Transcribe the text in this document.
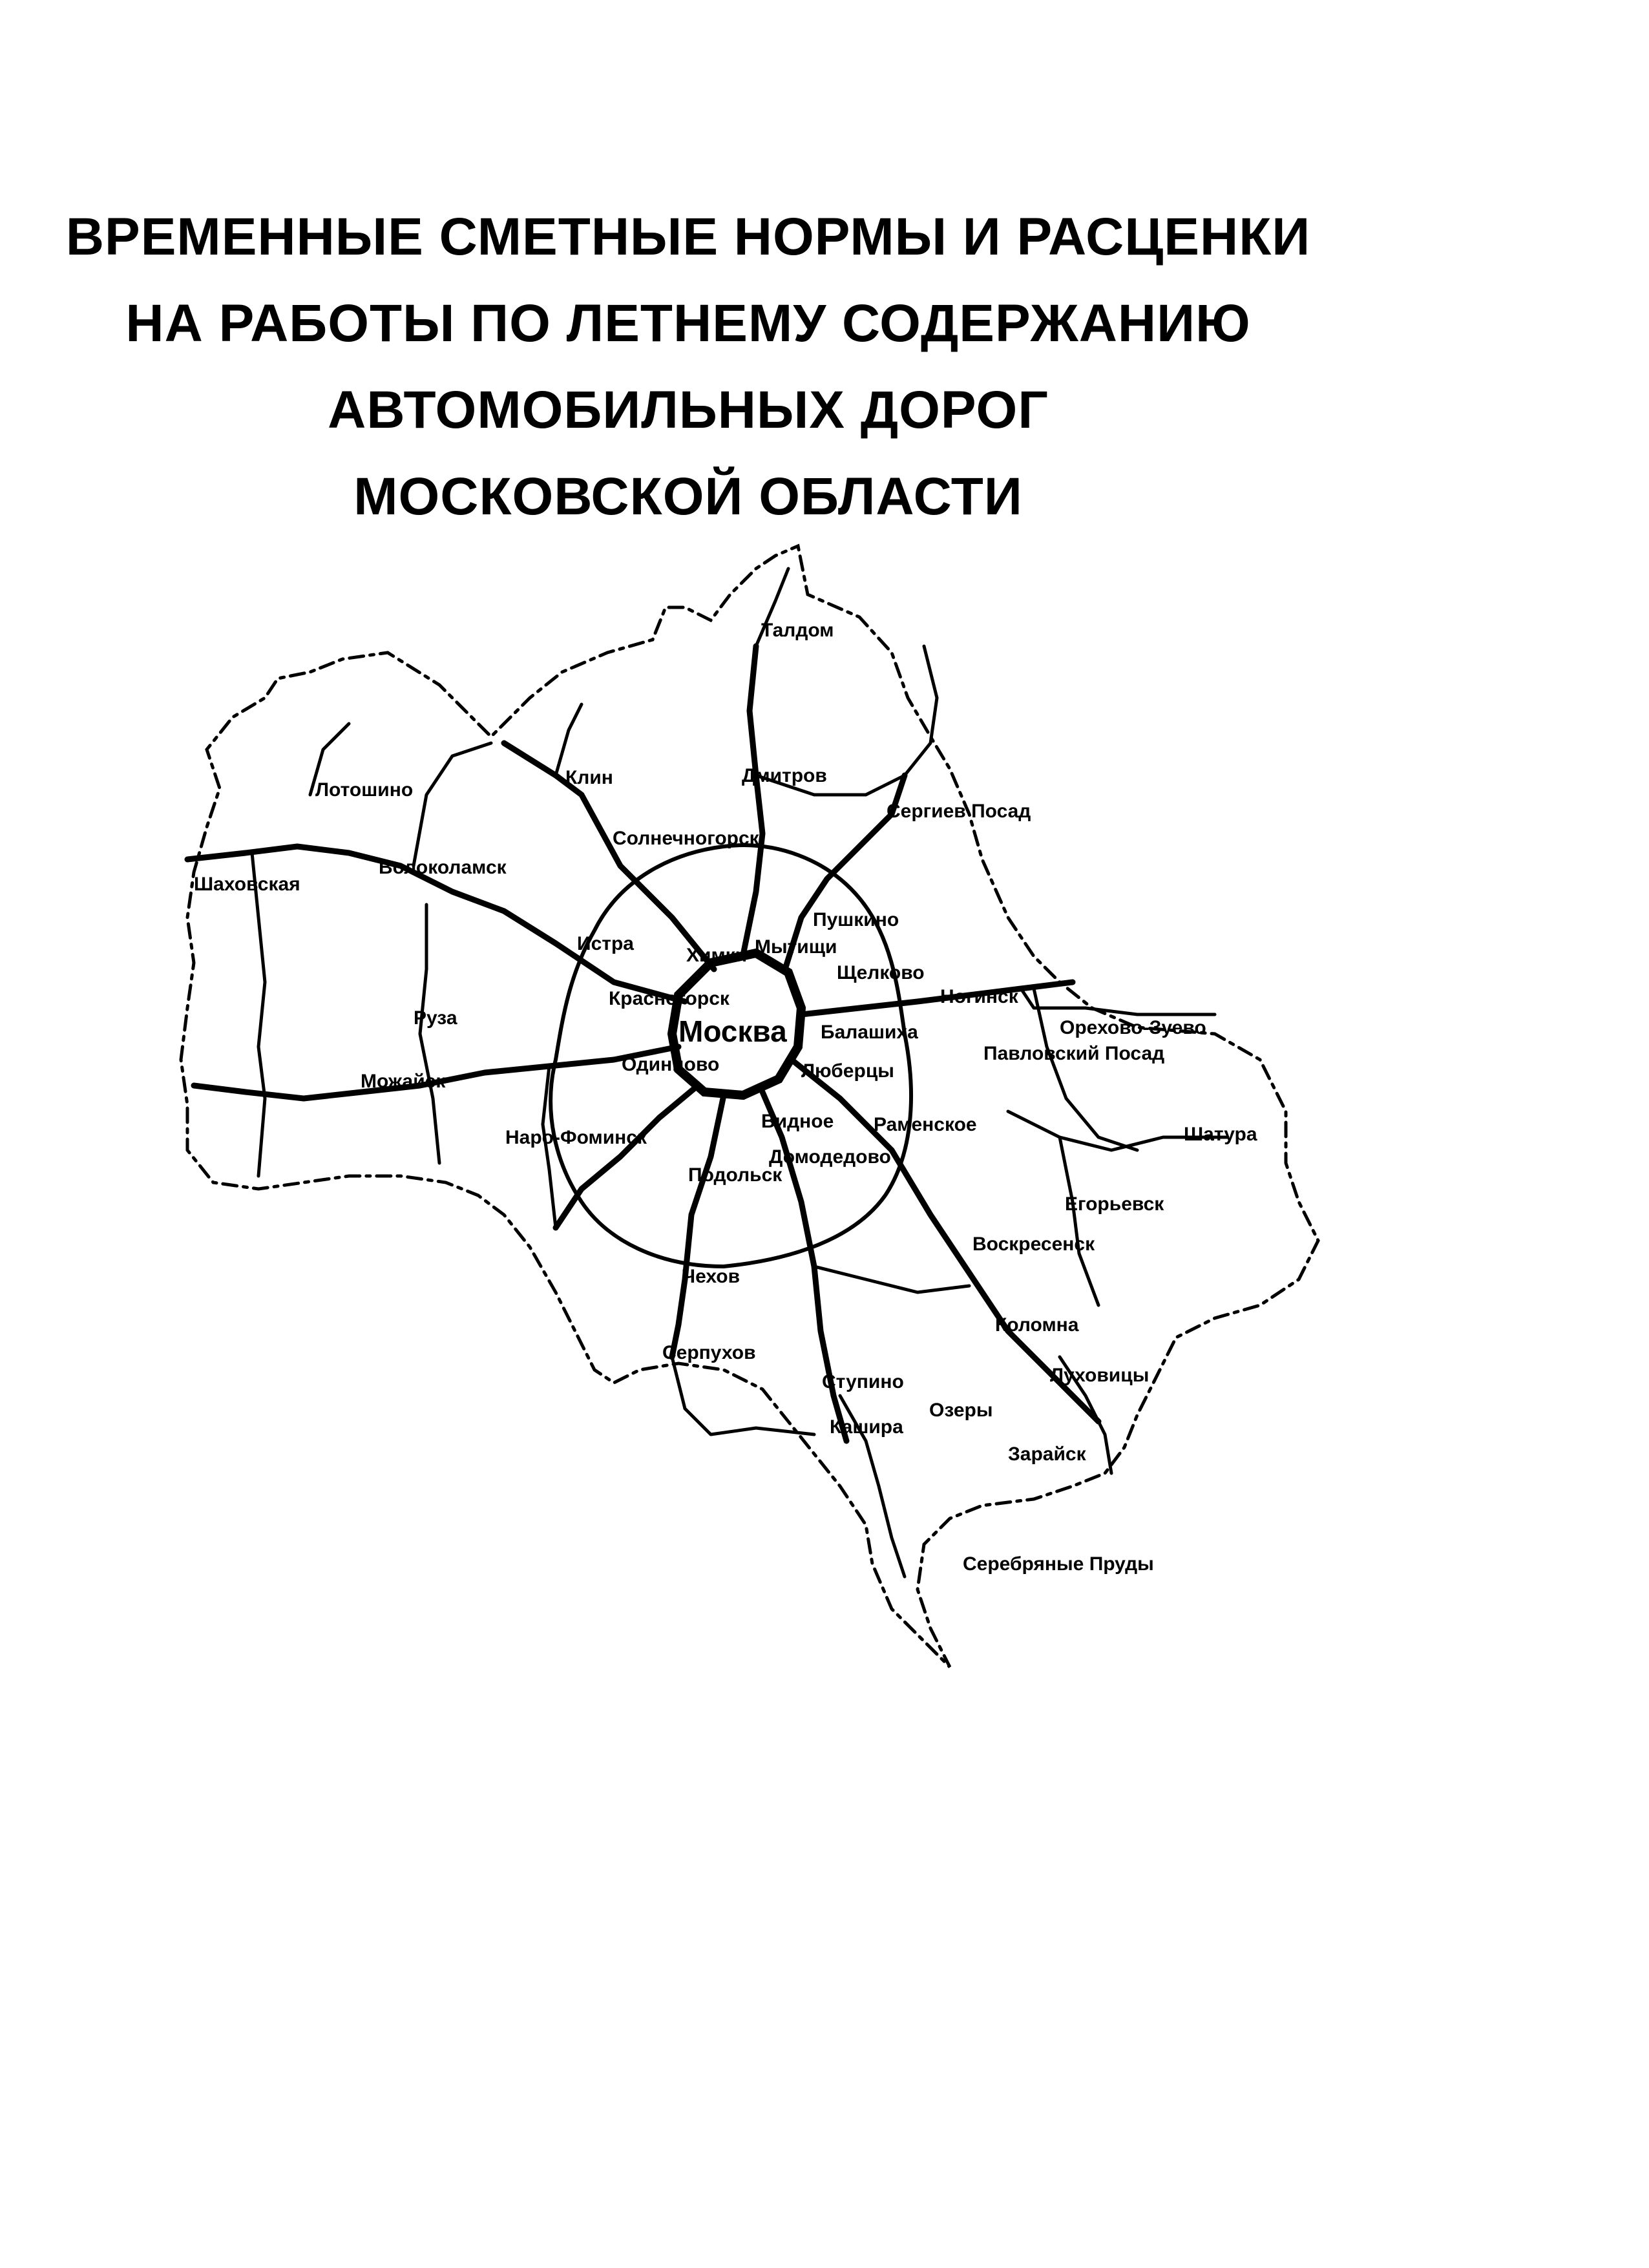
ВРЕМЕННЫЕ СМЕТНЫЕ НОРМЫ И РАСЦЕНКИ
НА РАБОТЫ ПО ЛЕТНЕМУ СОДЕРЖАНИЮ
АВТОМОБИЛЬНЫХ ДОРОГ
МОСКОВСКОЙ ОБЛАСТИ
Москва
Талдом
Лотошино
Клин	Дмитров
Сергиев Посад
Солнечногорск
Шаховская
Волоколамск
Пушкино
Истра
Химки Мытищи
Щелково
Ногинск
Красногорск
Балашиха	Орехово-Зуево
Руза
Одинцово
Павловский Посад
Люберцы
Можайск
Видное Раменское	Шатура
Наро-Фоминск
Домодедово
Подольск
Егорьевск
Воскресенск
Чехов
Коломна
Серпухов
Ступино	Луховицы
Озеры
Кашира
Зарайск
Серебряные Пруды
